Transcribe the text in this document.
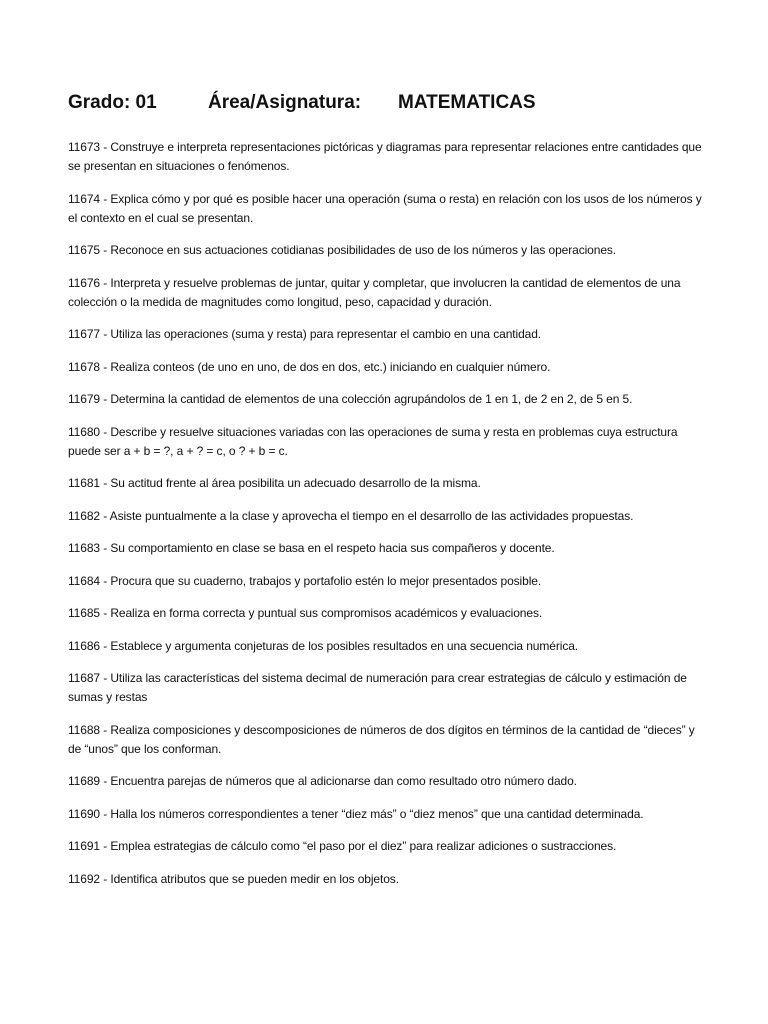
Grado: 01	Área/Asignatura:	MATEMATICAS
11673 - Construye e interpreta representaciones pictóricas y diagramas para representar relaciones entre cantidades que se presentan en situaciones o fenómenos.
11674 - Explica cómo y por qué es posible hacer una operación (suma o resta) en relación con los usos de los números y el contexto en el cual se presentan.
11675 - Reconoce en sus actuaciones cotidianas posibilidades de uso de los números y las operaciones.
11676 - Interpreta y resuelve problemas de juntar, quitar y completar, que involucren la cantidad de elementos de una colección o la medida de magnitudes como longitud, peso, capacidad y duración.
11677 - Utiliza las operaciones (suma y resta) para representar el cambio en una cantidad.
11678 - Realiza conteos (de uno en uno, de dos en dos, etc.) iniciando en cualquier número.
11679 - Determina la cantidad de elementos de una colección agrupándolos de 1 en 1, de 2 en 2, de 5 en 5.
11680 - Describe y resuelve situaciones variadas con las operaciones de suma y resta en problemas cuya estructura puede ser a + b = ?, a + ? = c, o ? + b = c.
11681 - Su actitud frente al área posibilita un adecuado desarrollo de la misma.
11682 - Asiste puntualmente a la clase y aprovecha el tiempo en el desarrollo de las actividades propuestas.
11683 - Su comportamiento en clase se basa en el respeto hacia sus compañeros y docente.
11684 - Procura que su cuaderno, trabajos y portafolio estén lo mejor presentados posible.
11685 - Realiza en forma correcta y puntual sus compromisos académicos y evaluaciones.
11686 - Establece y argumenta conjeturas de los posibles resultados en una secuencia numérica.
11687 - Utiliza las características del sistema decimal de numeración para crear estrategias de cálculo y estimación de sumas y restas
11688 - Realiza composiciones y descomposiciones de números de dos dígitos en términos de la cantidad de “dieces” y de “unos” que los conforman.
11689 - Encuentra parejas de números que al adicionarse dan como resultado otro número dado.
11690 - Halla los números correspondientes a tener “diez más” o “diez menos” que una cantidad determinada.
11691 - Emplea estrategias de cálculo como “el paso por el diez” para realizar adiciones o sustracciones.
11692 - Identifica atributos que se pueden medir en los objetos.
